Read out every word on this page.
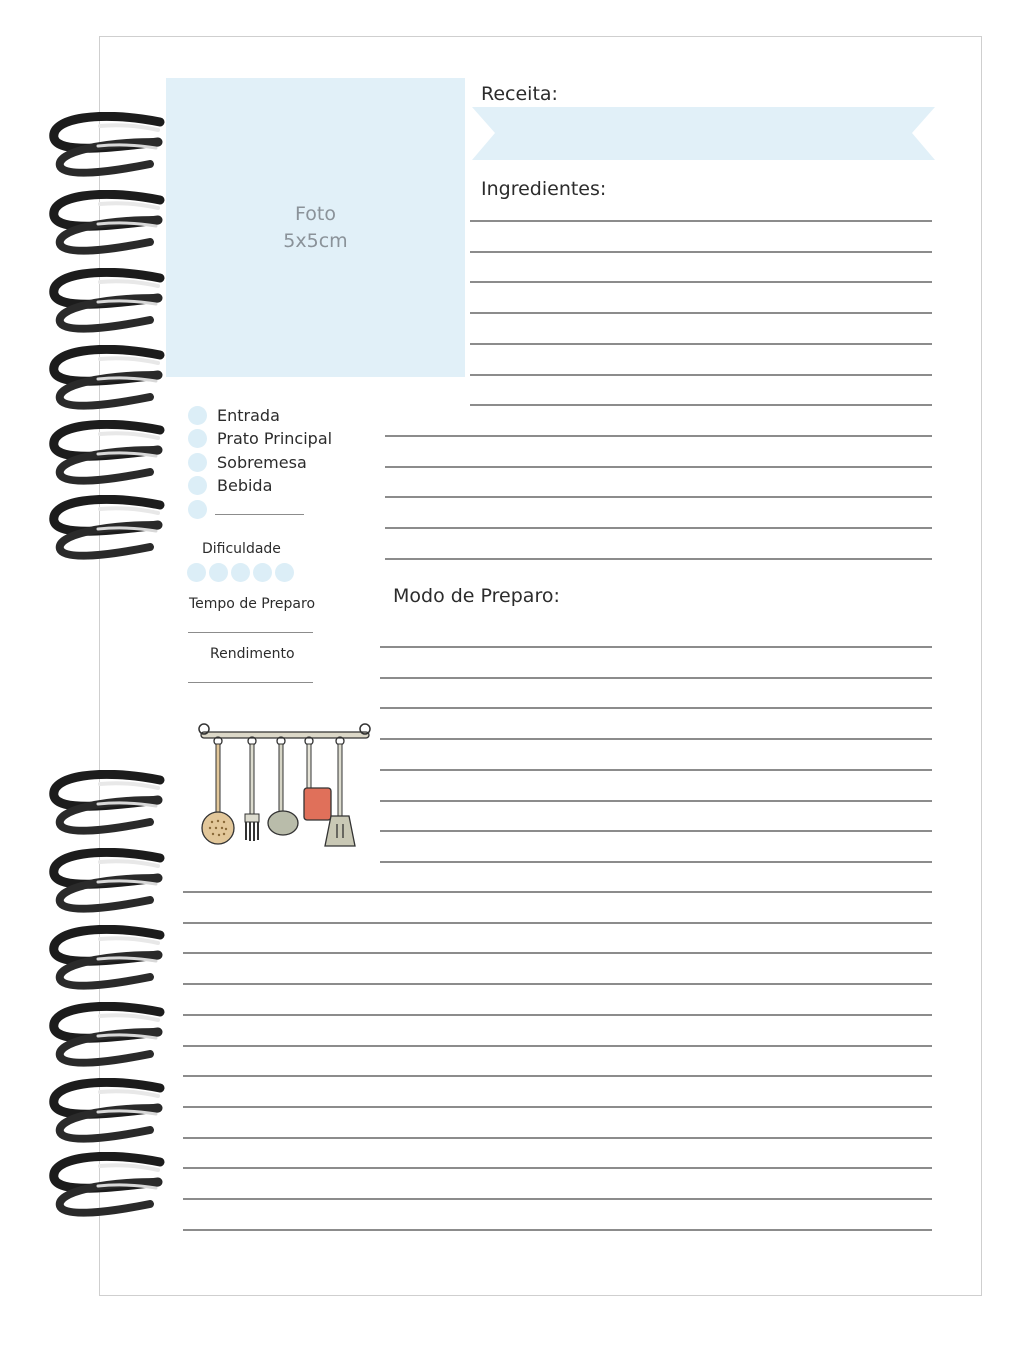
Foto
5x5cm
Receita:
Ingredientes:
Entrada
Prato Principal
Sobremesa
Bebida
Dificuldade
Tempo de Preparo
Rendimento
Modo de Preparo:
